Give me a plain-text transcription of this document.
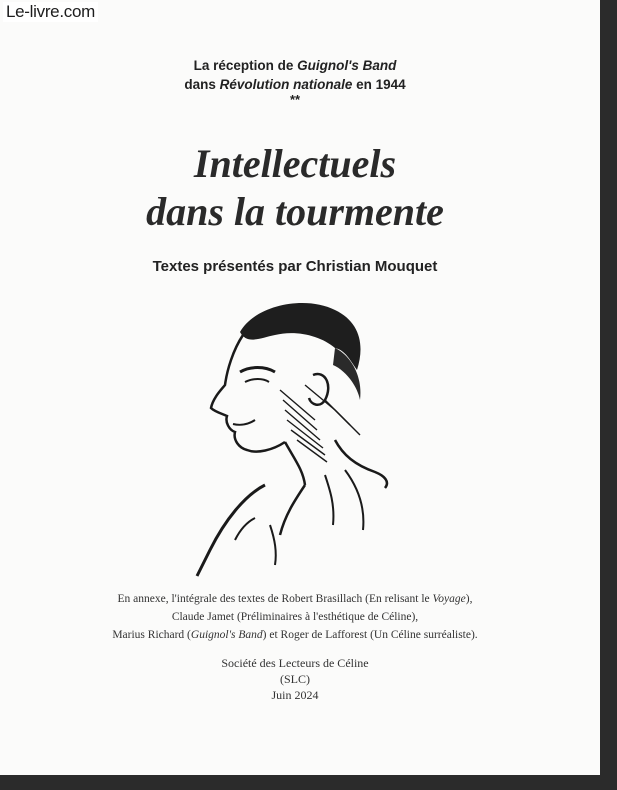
Le-livre.com
La réception de Guignol's Band
dans Révolution nationale en 1944
**
Intellectuels
dans la tourmente
Textes présentés par Christian Mouquet
En annexe, l'intégrale des textes de Robert Brasillach (En relisant le Voyage),
Claude Jamet (Préliminaires à l'esthétique de Céline),
Marius Richard (Guignol's Band) et Roger de Lafforest (Un Céline surréaliste).
Société des Lecteurs de Céline
(SLC)
Juin 2024
